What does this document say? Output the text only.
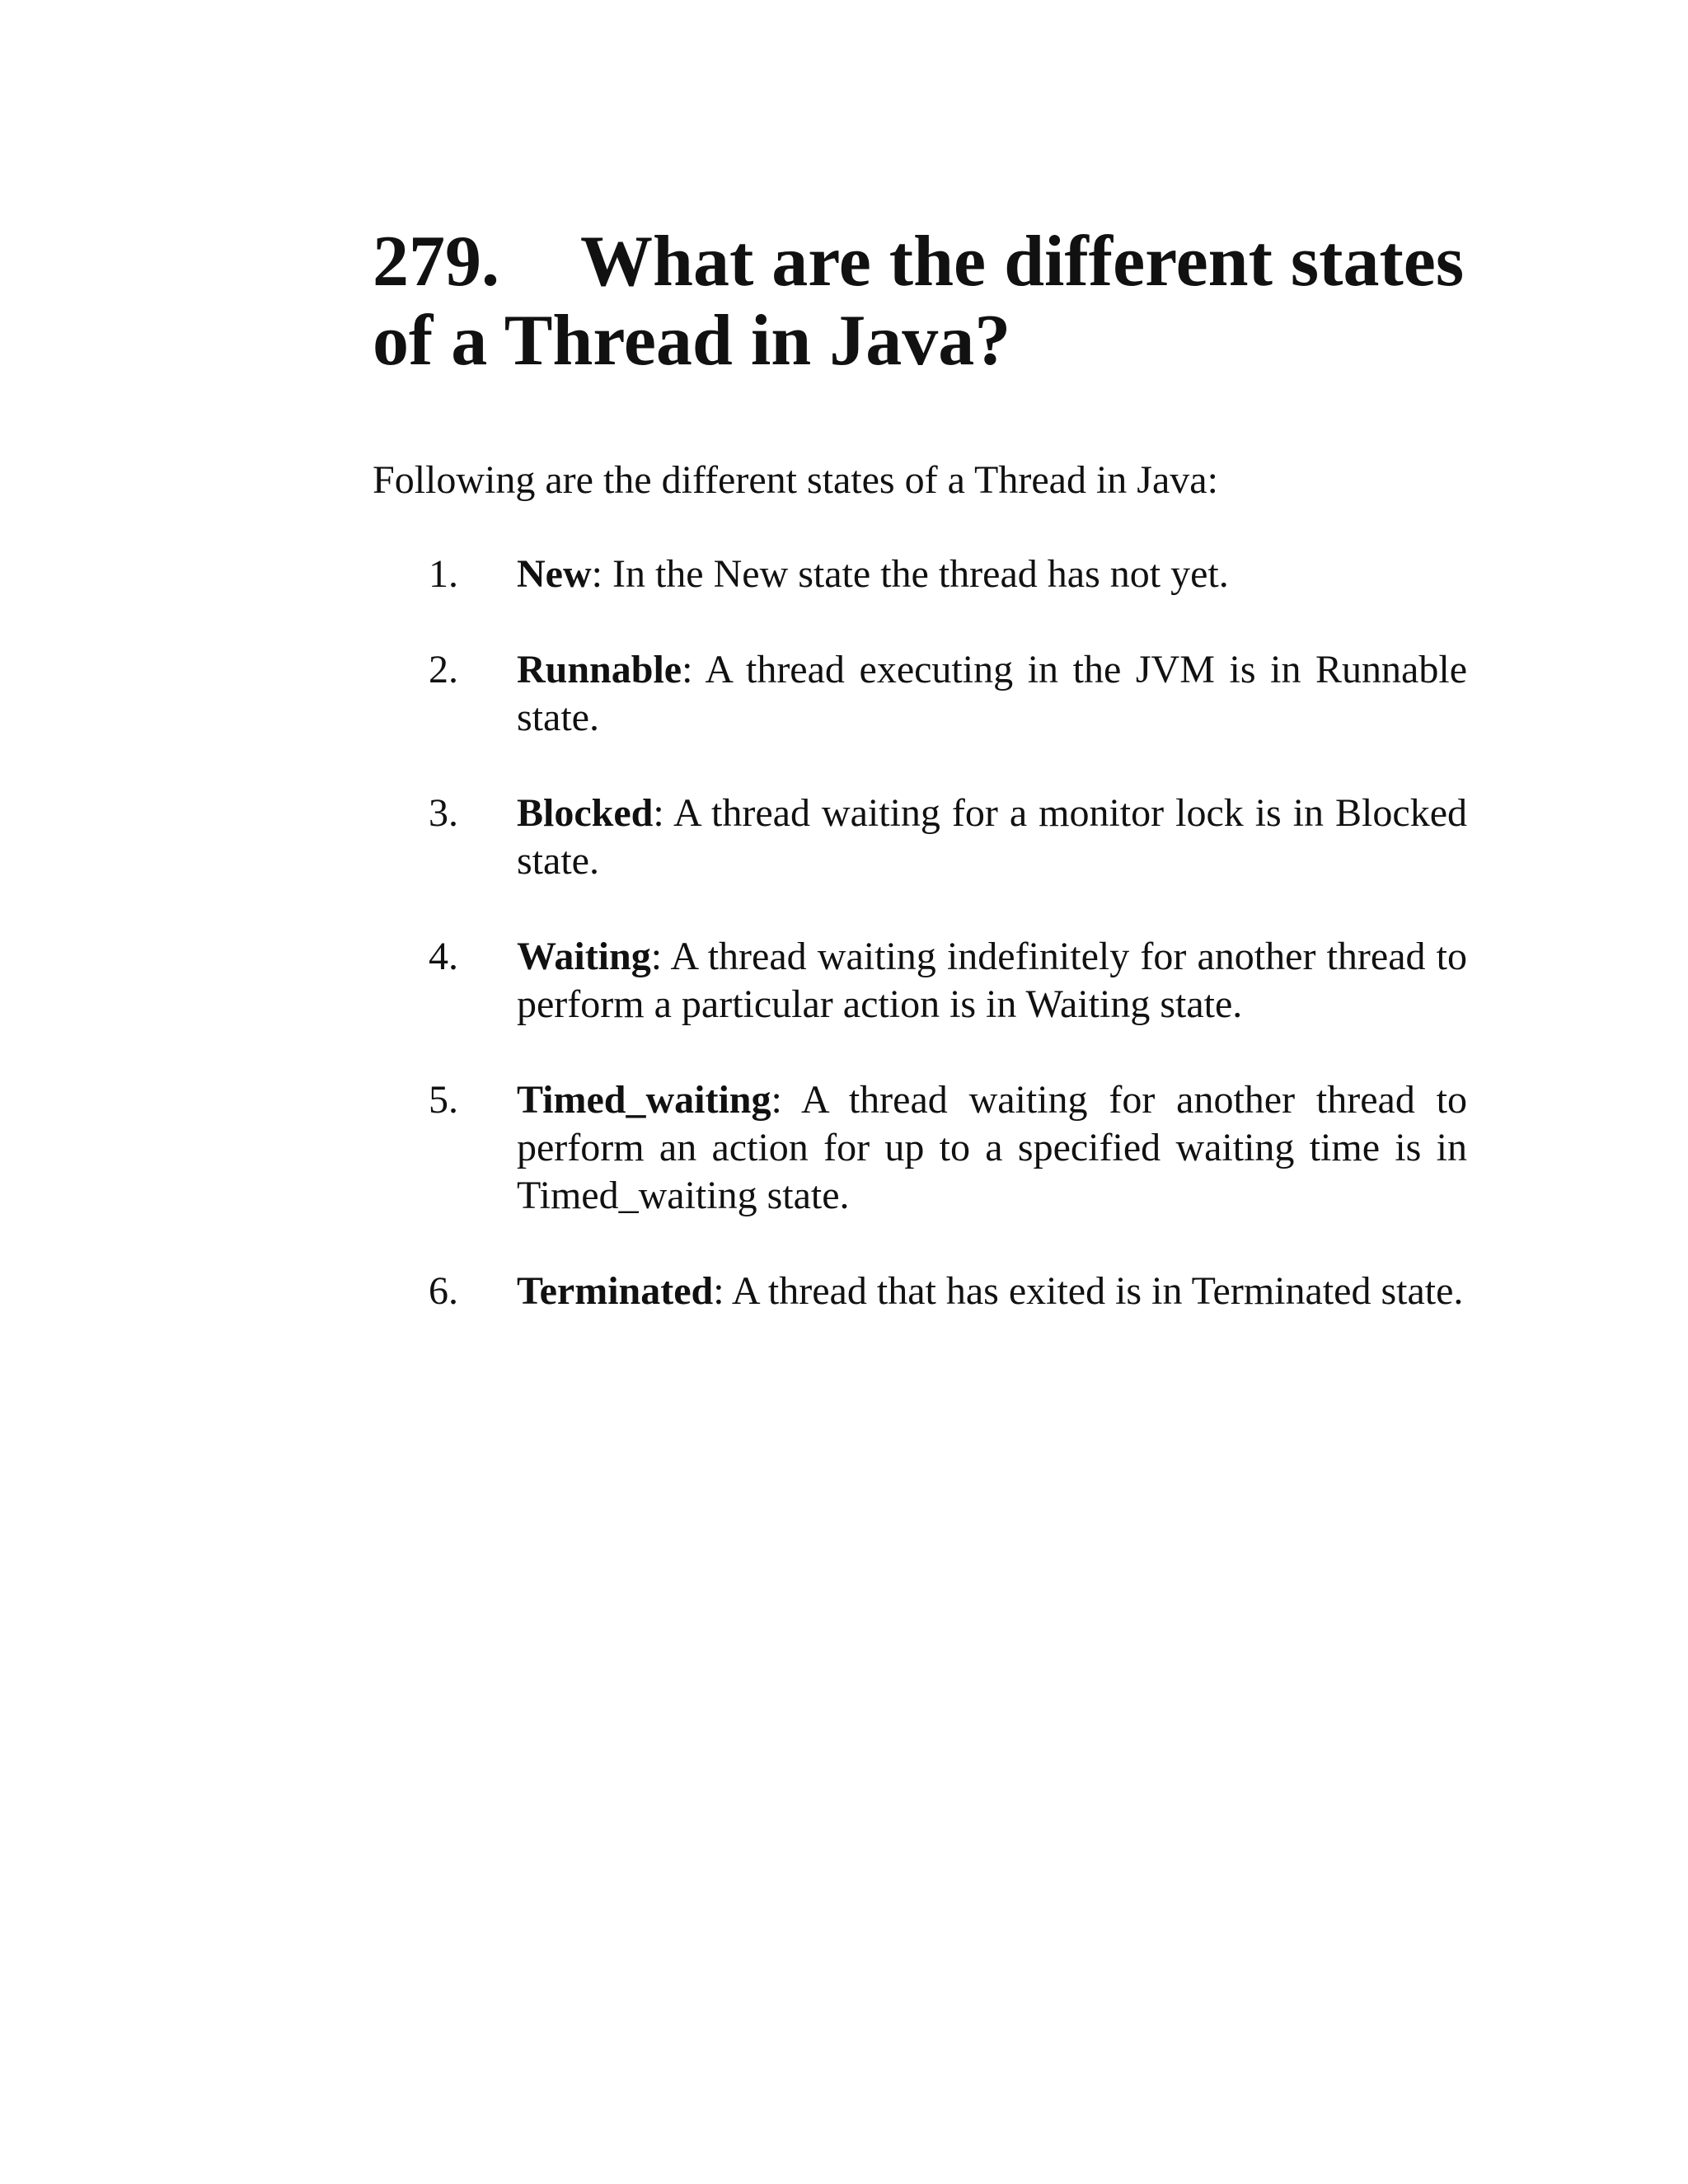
279. What are the different states of a Thread in Java?

Following are the different states of a Thread in Java:

1. New: In the New state the thread has not yet.
2. Runnable: A thread executing in the JVM is in Runnable state.
3. Blocked: A thread waiting for a monitor lock is in Blocked state.
4. Waiting: A thread waiting indefinitely for another thread to perform a particular action is in Waiting state.
5. Timed_waiting: A thread waiting for another thread to perform an action for up to a specified waiting time is in Timed_waiting state.
6. Terminated: A thread that has exited is in Terminated state.
